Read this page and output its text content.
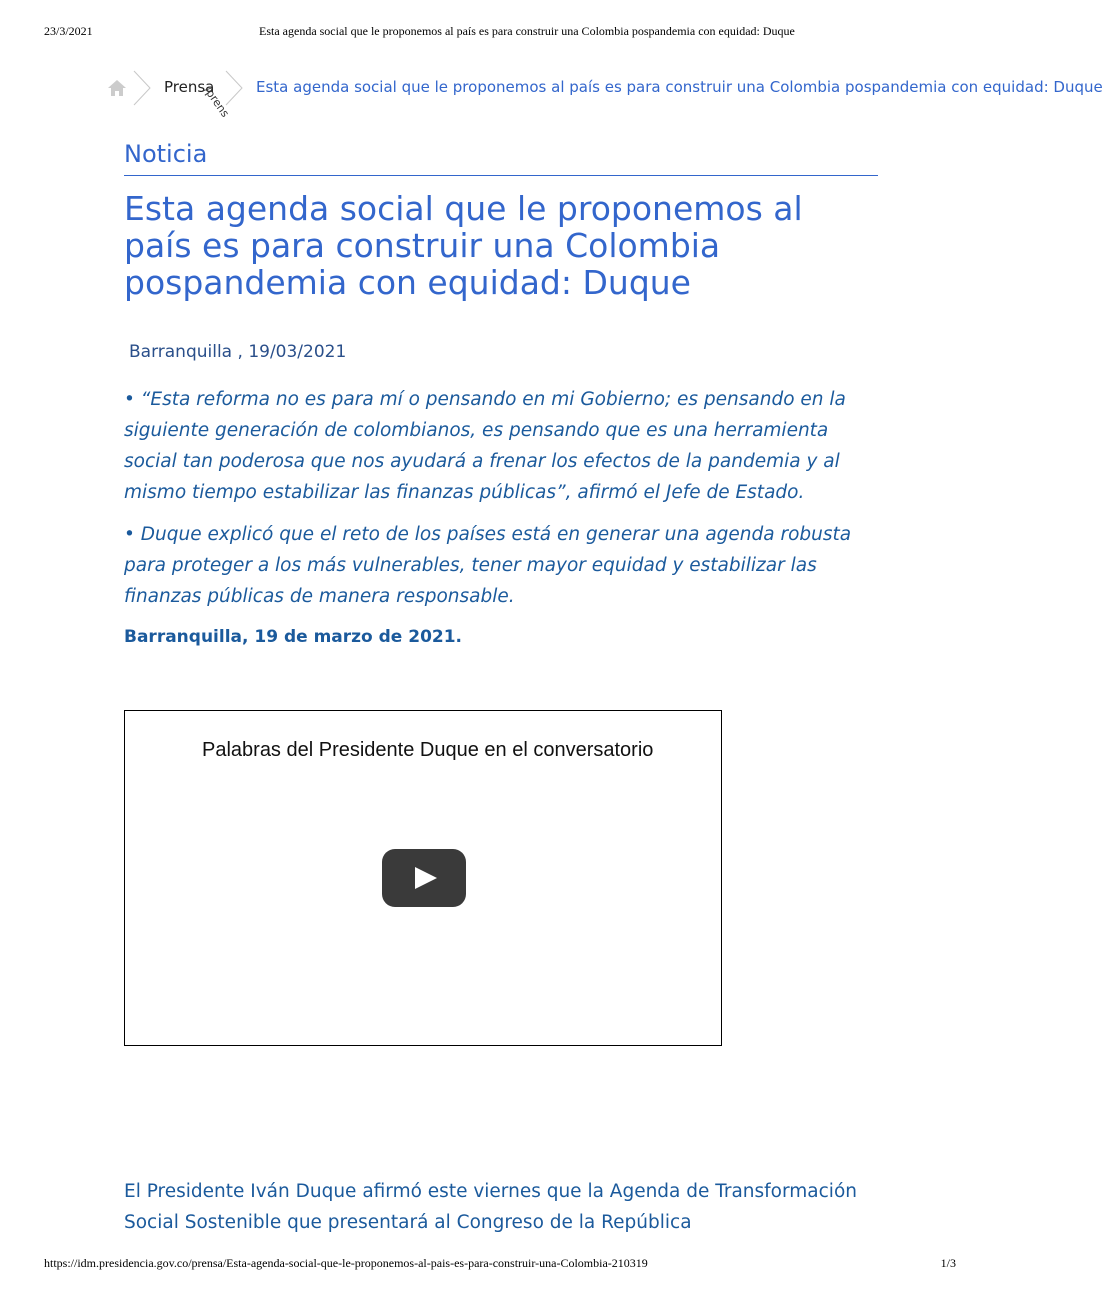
23/3/2021	Esta agenda social que le proponemos al país es para construir una Colombia pospandemia con equidad: Duque
Prensa
/prens Esta agenda social que le proponemos al país es para construir una Colombia pospandemia con equidad: Duque
Noticia
Esta agenda social que le proponemos al país es para construir una Colombia pospandemia con equidad: Duque
Barranquilla , 19/03/2021

• “Esta reforma no es para mí o pensando en mi Gobierno; es pensando en la siguiente generación de colombianos, es pensando que es una herramienta social tan poderosa que nos ayudará a frenar los efectos de la pandemia y al mismo tiempo estabilizar las finanzas públicas”, afirmó el Jefe de Estado.

• Duque explicó que el reto de los países está en generar una agenda robusta para proteger a los más vulnerables, tener mayor equidad y estabilizar las finanzas públicas de manera responsable.

Barranquilla, 19 de marzo de 2021.
Palabras del Presidente Duque en el conversatorio

El Presidente Iván Duque afirmó este viernes que la Agenda de Transformación Social Sostenible que presentará al Congreso de la República

https://idm.presidencia.gov.co/prensa/Esta-agenda-social-que-le-proponemos-al-pais-es-para-construir-una-Colombia-210319	1/3
